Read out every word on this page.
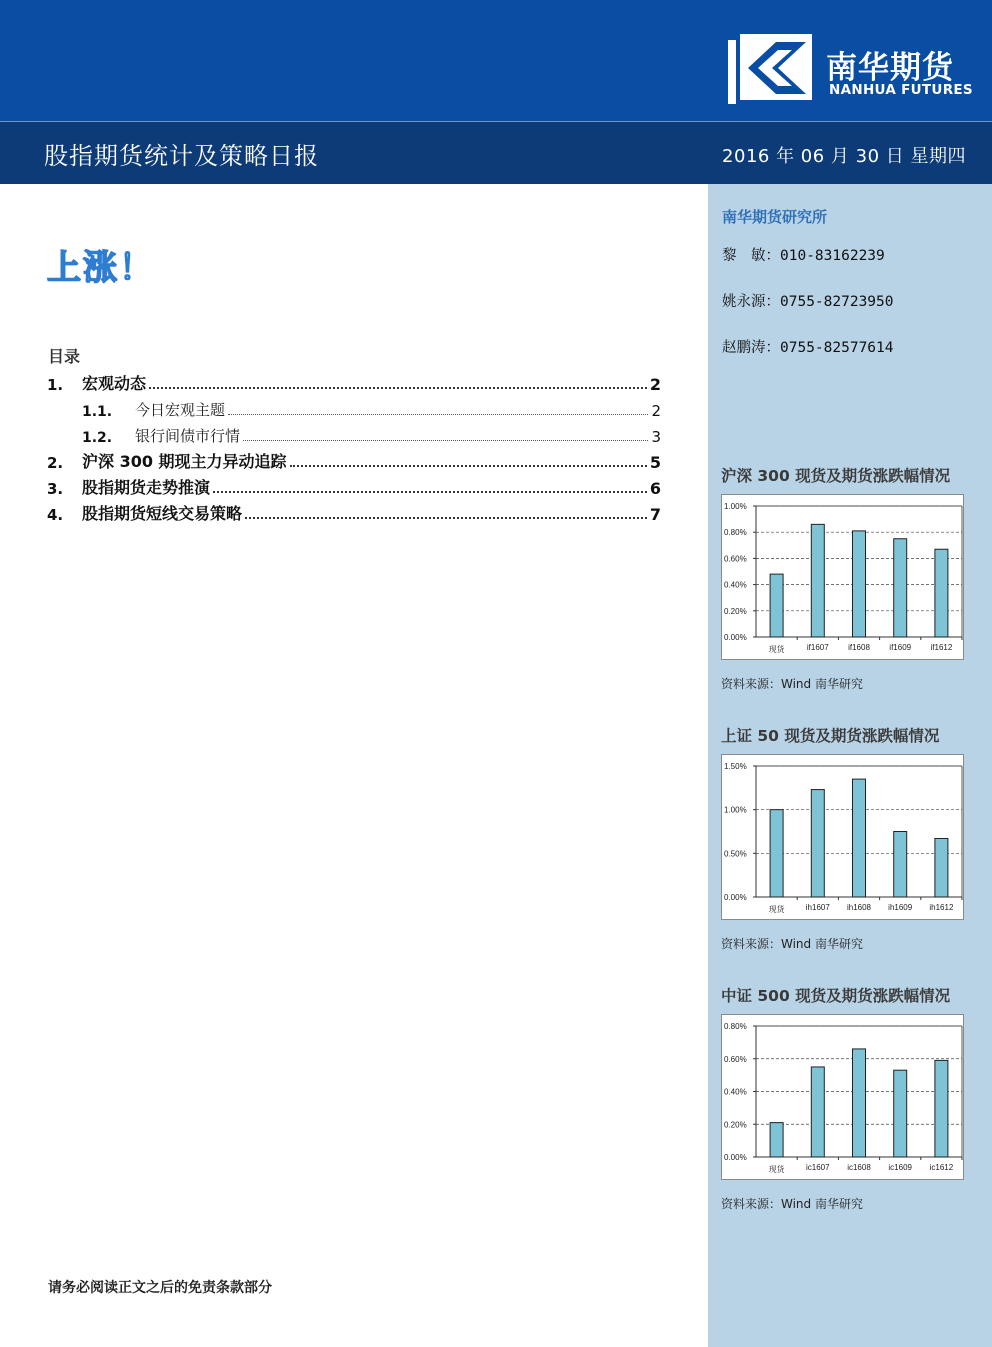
南华期货
NANHUA FUTURES
股指期货统计及策略日报	2016 年 06 月 30 日 星期四
上涨！
目录
1.	宏观动态	2
1.1.	今日宏观主题	2
1.2.	银行间债市行情	3
2.	沪深 300 期现主力异动追踪	5
3.	股指期货走势推演	6
4.	股指期货短线交易策略	7
请务必阅读正文之后的免责条款部分
南华期货研究所
黎　敏：010-83162239
姚永源：0755-82723950
赵鹏涛：0755-82577614
沪深 300 现货及期货涨跌幅情况
0.00%
0.20%
0.40%
0.60%
0.80%
1.00%
现货	if1607 if1608 if1609 if1612
资料来源：Wind 南华研究
上证 50 现货及期货涨跌幅情况
0.00%
0.50%
1.00%
1.50%
现货	ih1607 ih1608 ih1609 ih1612
资料来源：Wind 南华研究
中证 500 现货及期货涨跌幅情况
0.00%
0.20%
0.40%
0.60%
0.80%
现货	ic1607 ic1608 ic1609 ic1612
资料来源：Wind 南华研究
